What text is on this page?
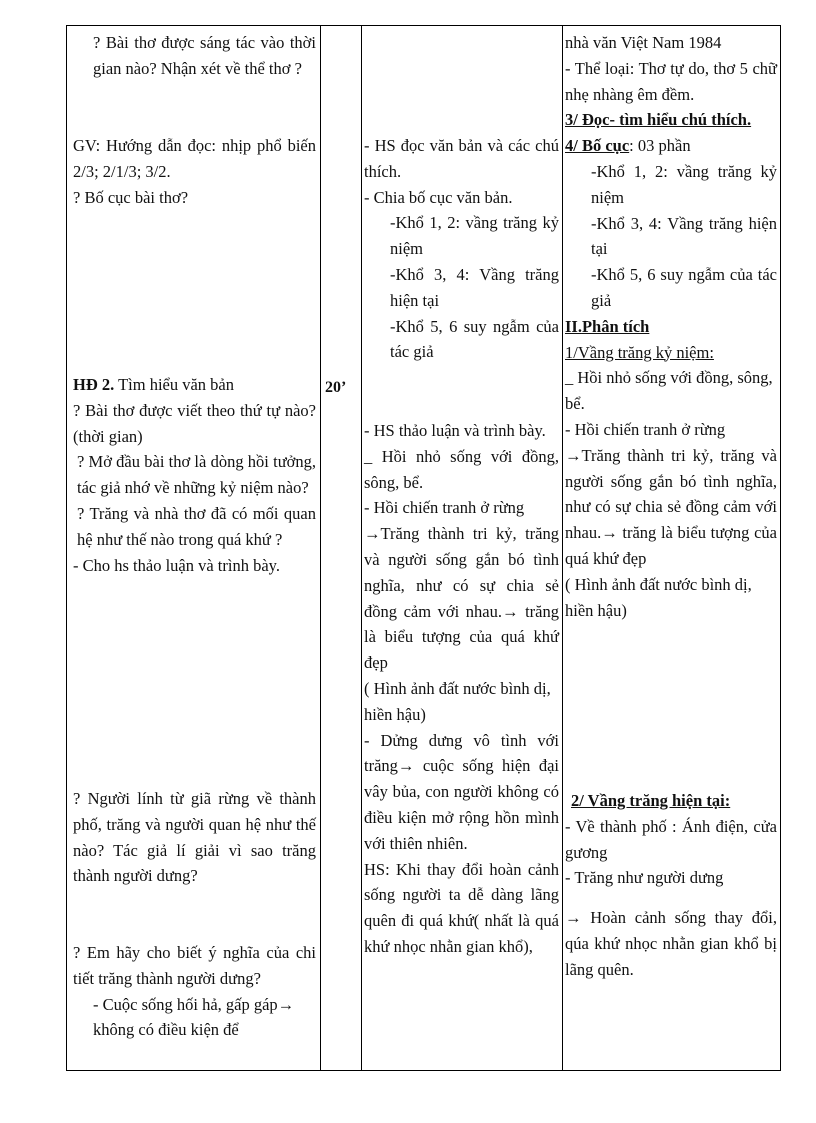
? Bài thơ được sáng tác vào thời gian nào? Nhận xét về thể thơ ?

GV: Hướng dẫn đọc: nhịp phổ biến 2/3; 2/1/3; 3/2.

? Bố cục bài thơ?

HĐ 2. Tìm hiểu văn bản

? Bài thơ được viết theo thứ tự nào?(thời gian)

? Mở đầu bài thơ là dòng hồi tưởng, tác giả nhớ về những kỷ niệm nào?

? Trăng và nhà thơ đã có mối quan hệ như thế nào trong quá khứ ?

- Cho hs thảo luận và trình bày.

? Người lính từ giã rừng về thành phố, trăng và người quan hệ như thế nào? Tác giả lí giải vì sao trăng thành người dưng?

? Em hãy cho biết ý nghĩa của chi tiết trăng thành người dưng?

- Cuộc sống hối hả, gấp gáp→ không có điều kiện để

20’

- HS đọc văn bản và các chú thích.

- Chia bố cục văn bản.

-Khổ 1, 2: vầng trăng kỷ niệm

-Khổ 3, 4: Vầng trăng hiện tại

-Khổ 5, 6 suy ngẫm của tác giả

- HS thảo luận và trình bày.

_ Hồi nhỏ sống với đồng, sông, bể.

- Hồi chiến tranh ở rừng

→Trăng thành tri kỷ, trăng và người sống gắn bó tình nghĩa, như có sự chia sẻ đồng cảm với nhau.→ trăng là biểu tượng của quá khứ đẹp

( Hình ảnh đất nước bình dị, hiền hậu)

- Dửng dưng vô tình với trăng→ cuộc sống hiện đại vây bủa, con người không có điều kiện mở rộng hồn mình với thiên nhiên.

HS: Khi thay đổi hoàn cảnh sống người ta dễ dàng lãng quên đi quá khứ( nhất là quá khứ nhọc nhằn gian khổ),

nhà văn Việt Nam 1984

- Thể loại: Thơ tự do, thơ 5 chữ nhẹ nhàng êm đềm.

3/ Đọc- tìm hiểu chú thích.

4/ Bố cục: 03 phần

-Khổ 1, 2: vầng trăng kỷ niệm

-Khổ 3, 4: Vầng trăng hiện tại

-Khổ 5, 6 suy ngẫm của tác giả

II.Phân tích

1/Vầng trăng kỷ niệm:

_ Hồi nhỏ sống với đồng, sông, bể.

- Hồi chiến tranh ở rừng

→Trăng thành tri kỷ, trăng và người sống gắn bó tình nghĩa, như có sự chia sẻ đồng cảm với nhau.→ trăng là biểu tượng của quá khứ đẹp

( Hình ảnh đất nước bình dị, hiền hậu)

2/ Vầng trăng hiện tại:

- Về thành phố : Ánh điện, cửa gương

- Trăng như người dưng

→ Hoàn cảnh sống thay đổi, qúa khứ nhọc nhằn gian khổ bị lãng quên.
